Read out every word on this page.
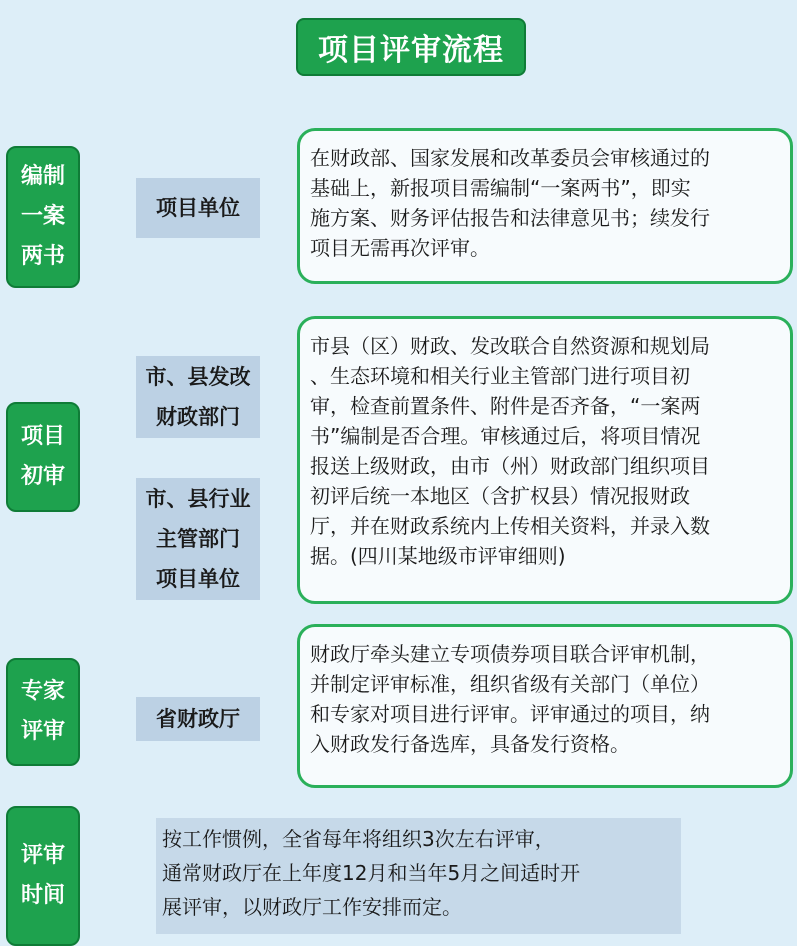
项目评审流程
编制
一案
两书
项目单位
在财政部、国家发展和改革委员会审核通过的
基础上，新报项目需编制“一案两书”，即实
施方案、财务评估报告和法律意见书；续发行
项目无需再次评审。
项目
初审
市、县发改
财政部门
市、县行业
主管部门
项目单位
市县（区）财政、发改联合自然资源和规划局
、生态环境和相关行业主管部门进行项目初
审，检查前置条件、附件是否齐备，“一案两
书”编制是否合理。审核通过后，将项目情况
报送上级财政，由市（州）财政部门组织项目
初评后统一本地区（含扩权县）情况报财政
厅，并在财政系统内上传相关资料，并录入数
据。(四川某地级市评审细则)
专家
评审	省财政厅
财政厅牵头建立专项债券项目联合评审机制，
并制定评审标准，组织省级有关部门（单位）
和专家对项目进行评审。评审通过的项目，纳
入财政发行备选库，具备发行资格。
评审
时间
按工作惯例，全省每年将组织3次左右评审，
通常财政厅在上年度12月和当年5月之间适时开
展评审，以财政厅工作安排而定。
